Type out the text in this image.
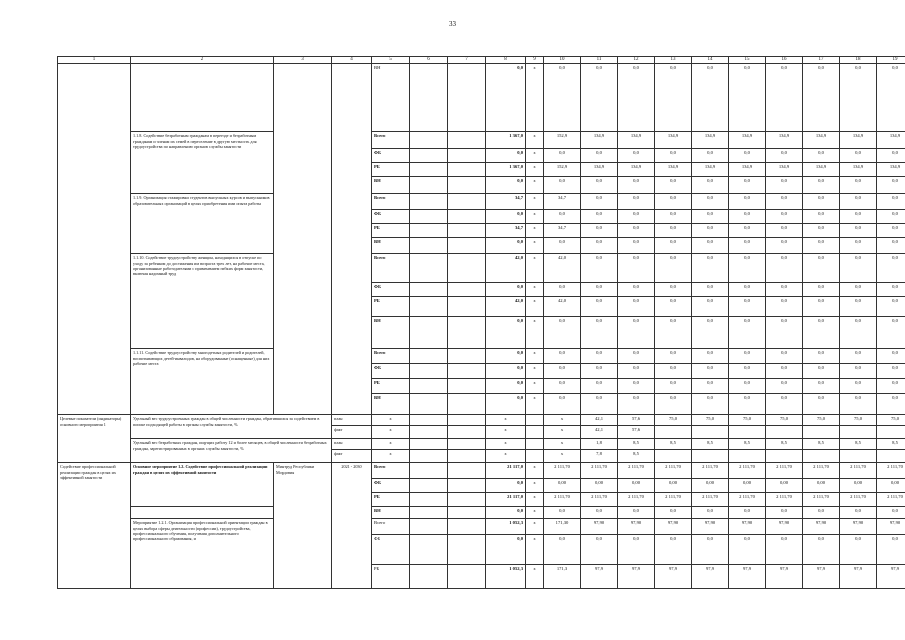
33
1	2	3	4	5	6	7	8	9	10	11	12	13	14	15	16	17	18	19	
				ВН			0,0	x	0,0	0,0	0,0	0,0	0,0	0,0	0,0	0,0	0,0	0,0	
	1.1.8. Содействие безработным гражданам в переезде и безработным гражданам и членам их семей в переселение в другую местность для трудоустройства по направлению органов службы занятости			Всего			1 367,0	x	152,9	134,9	134,9	134,9	134,9	134,9	134,9	134,9	134,9	134,9	
				ФБ			0,0	x	0,0	0,0	0,0	0,0	0,0	0,0	0,0	0,0	0,0	0,0	
				РБ			1 367,0	x	152,9	134,9	134,9	134,9	134,9	134,9	134,9	134,9	134,9	134,9	
				ВН			0,0	x	0,0	0,0	0,0	0,0	0,0	0,0	0,0	0,0	0,0	0,0	
	1.1.9. Организация стажировки студентов выпускных курсов и выпускников образовательных организаций в целях приобретения ими опыта работы			Всего			34,7	x	34,7	0,0	0,0	0,0	0,0	0,0	0,0	0,0	0,0	0,0	
				ФБ			0,0	x	0,0	0,0	0,0	0,0	0,0	0,0	0,0	0,0	0,0	0,0	
				РБ			34,7	x	34,7	0,0	0,0	0,0	0,0	0,0	0,0	0,0	0,0	0,0	
				ВН			0,0	x	0,0	0,0	0,0	0,0	0,0	0,0	0,0	0,0	0,0	0,0	
	1.1.10. Содействие трудоустройству женщин, находящихся в отпуске по уходу за ребенком до достижения им возраста трех лет, на рабочие места, организованные работодателями с применением гибких форм занятости, включая надомный труд			Всего			42,0	x	42,0	0,0	0,0	0,0	0,0	0,0	0,0	0,0	0,0	0,0	
				ФБ			0,0	x	0,0	0,0	0,0	0,0	0,0	0,0	0,0	0,0	0,0	0,0	
				РБ			42,0	x	42,0	0,0	0,0	0,0	0,0	0,0	0,0	0,0	0,0	0,0	
				ВН			0,0	x	0,0	0,0	0,0	0,0	0,0	0,0	0,0	0,0	0,0	0,0	
	1.1.11. Содействие трудоустройству многодетных родителей и родителей, воспитывающих детей-инвалидов, на оборудованные (оснащенные) для них рабочие места			Всего			0,0	x	0,0	0,0	0,0	0,0	0,0	0,0	0,0	0,0	0,0	0,0	
				ФБ			0,0	x	0,0	0,0	0,0	0,0	0,0	0,0	0,0	0,0	0,0	0,0	
				РБ			0,0	x	0,0	0,0	0,0	0,0	0,0	0,0	0,0	0,0	0,0	0,0	
				ВН			0,0	x	0,0	0,0	0,0	0,0	0,0	0,0	0,0	0,0	0,0	0,0	
Целевые показатели (индикаторы) основного мероприятия 1	Удельный вес трудоустроенных граждан в общей численности граждан, обратившихся за содействием в поиске подходящей работы в органы службы занятости, %		план	x			x		x	42,1	57,6	75,0	75,0	75,0	75,0	75,0	75,0	75,0		
			факт	x			x		x	42,1	57,6									
	Удельный вес безработных граждан, ищущих работу 12 и более месяцев, в общей численности безработных граждан, зарегистрированных в органах службы занятости, %		план	x			x		x	1,8	8,5	8,5	8,5	8,5	8,5	8,5	8,5	8,5		
			факт	x			x		x	7,8	8,5									
Содействие профессиональной реализации граждан в целях их эффективной занятости	Основное мероприятие 1.2. Содействие профессиональной реализации граждан в целях их эффективной занятости	Минтруд Республики Мордовия	2021 - 2030	Всего			21 117,0	x	2 111,70	2 111,70	2 111,70	2 111,70	2 111,70	2 111,70	2 111,70	2 111,70	2 111,70	2 111,70	
				ФБ			0,0	x	0,00	0,00	0,00	0,00	0,00	0,00	0,00	0,00	0,00	0,00	
				РБ			21 117,0	x	2 111,70	2 111,70	2 111,70	2 111,70	2 111,70	2 111,70	2 111,70	2 111,70	2 111,70	2 111,70	
				ВН			0,0	x	0,0	0,0	0,0	0,0	0,0	0,0	0,0	0,0	0,0	0,0	
	Мероприятие 1.2.1. Организация профессиональной ориентации граждан в целях выбора сферы деятельности (профессии), трудоустройства, профессионального обучения, получения дополнительного профессионального образования, и			Всего			1 052,3	x	171,30	97,90	97,90	97,90	97,90	97,90	97,90	97,90	97,90	97,90	
				ФБ			0,0	x	0,0	0,0	0,0	0,0	0,0	0,0	0,0	0,0	0,0	0,0	
				РБ			1 052,3	x	171,3	97,9	97,9	97,9	97,9	97,9	97,9	97,9	97,9	97,9	
